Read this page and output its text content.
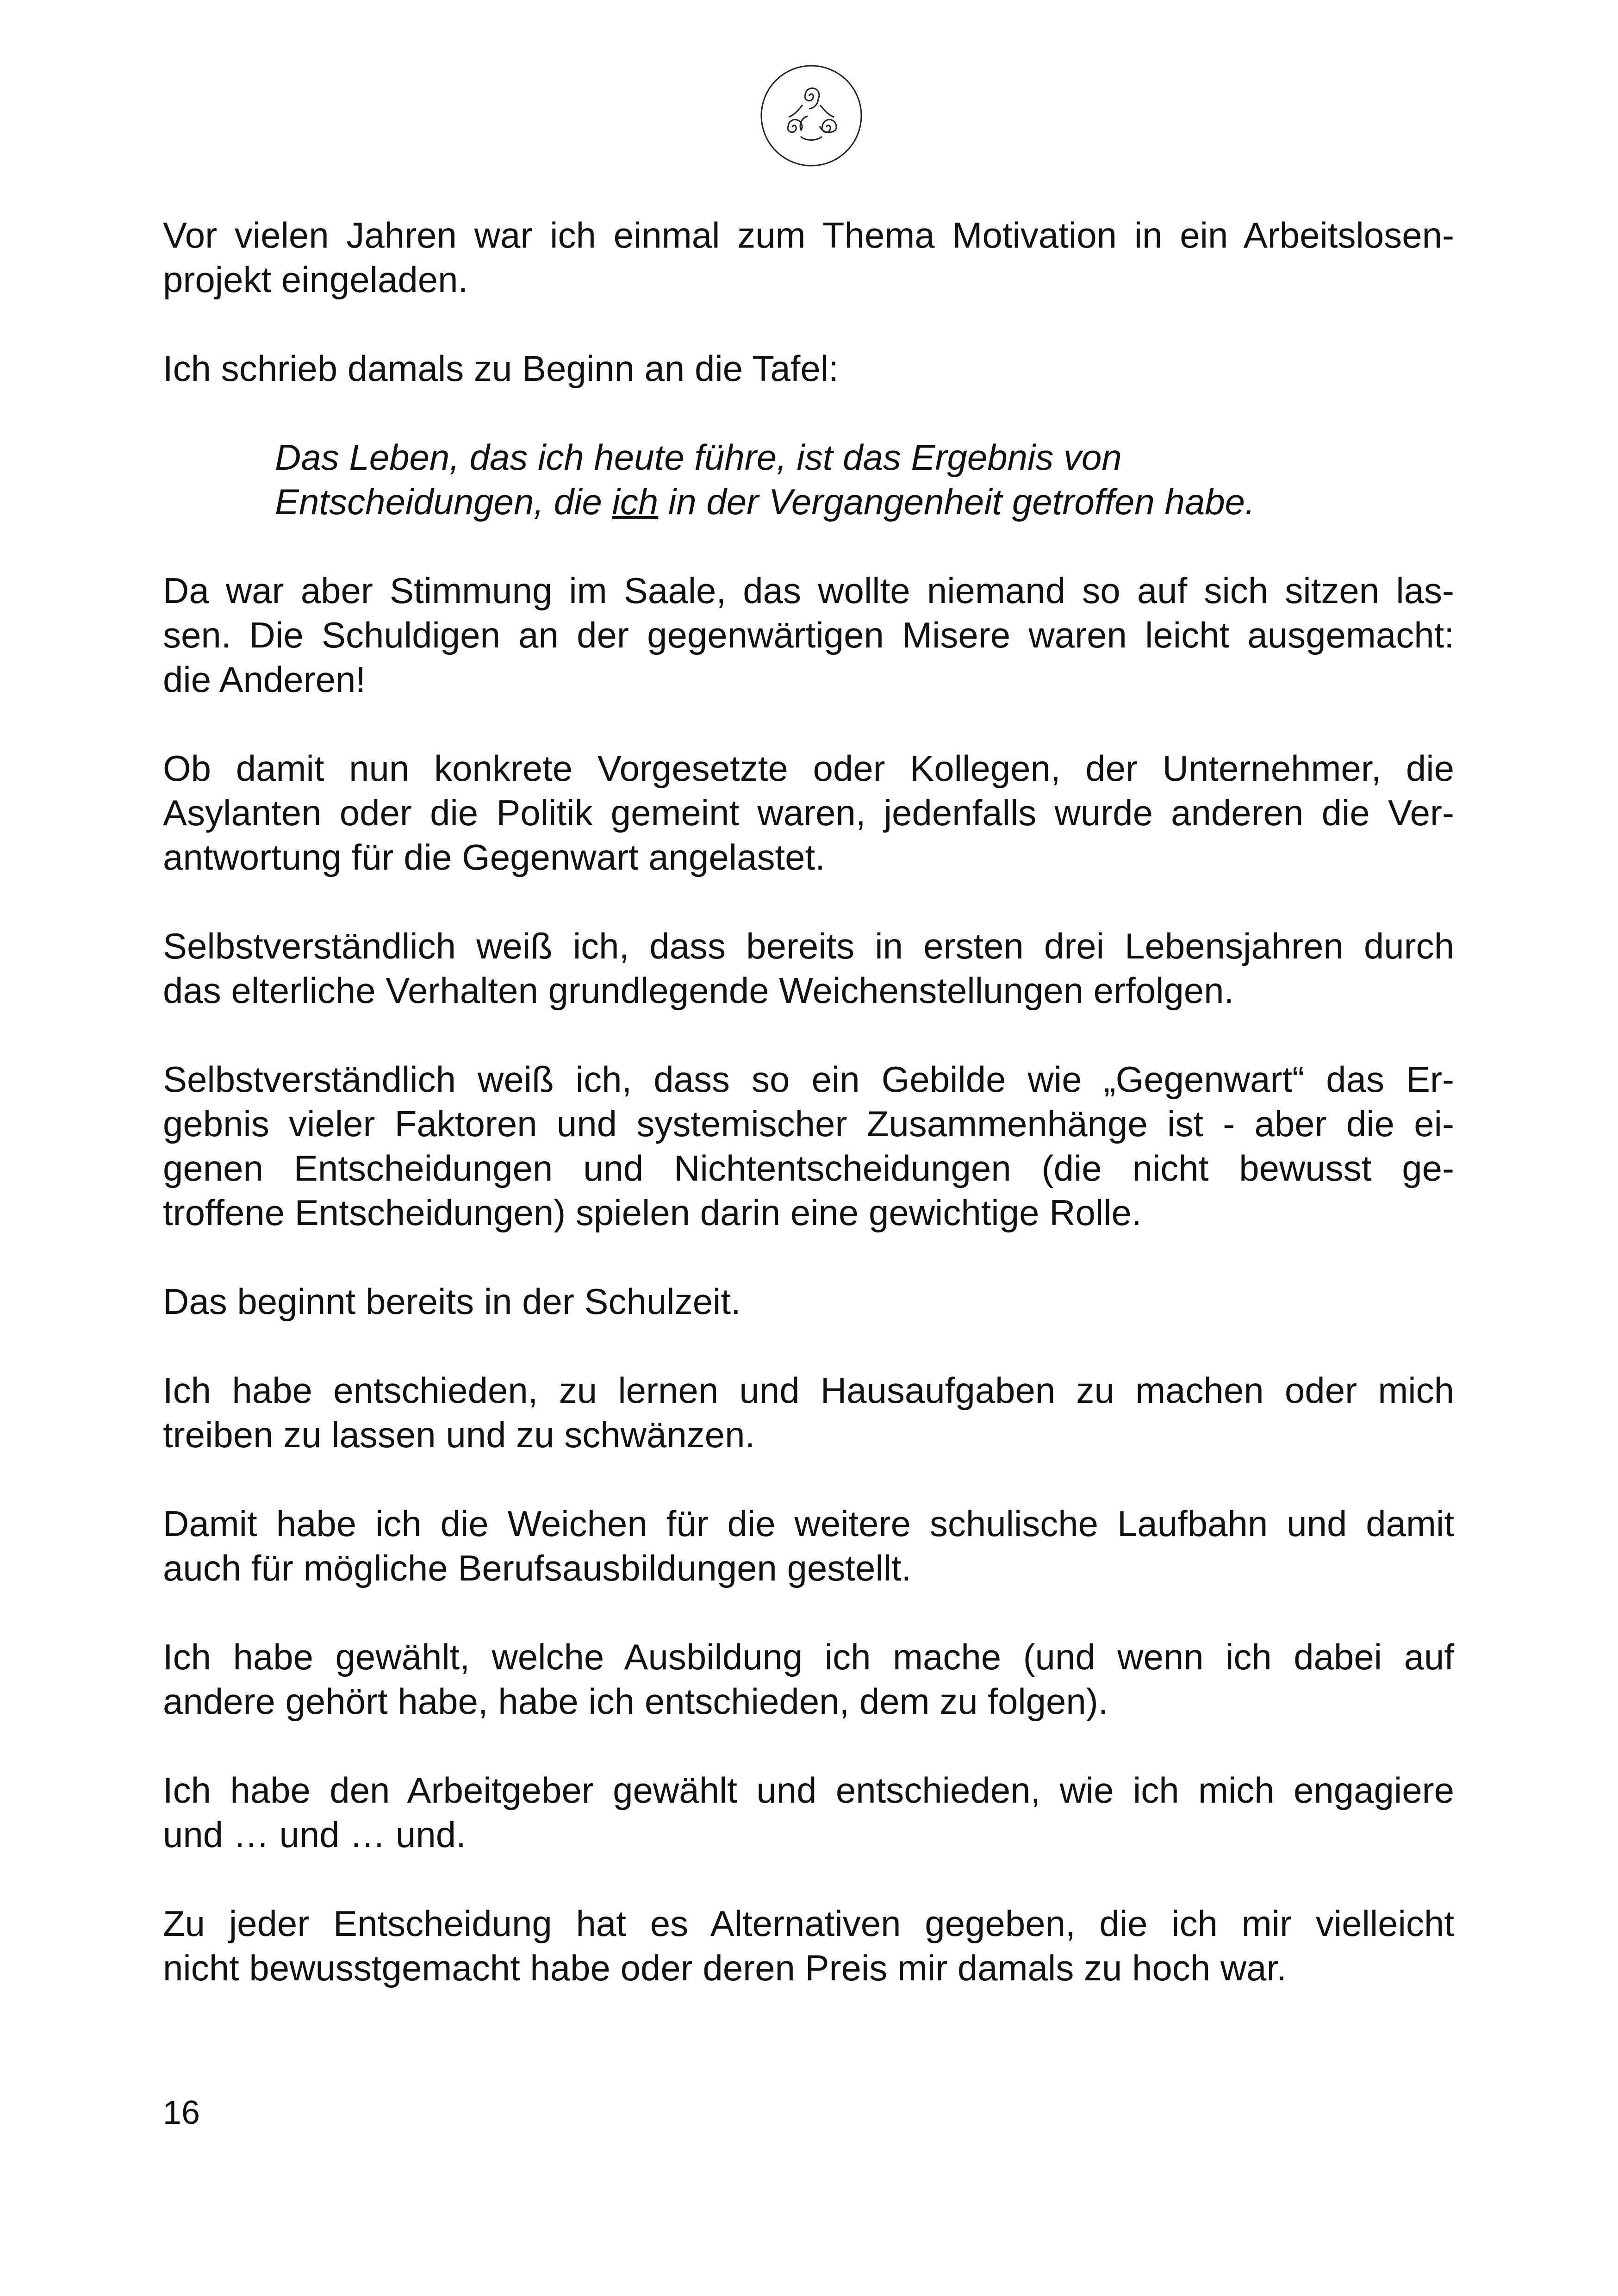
Vor vielen Jahren war ich einmal zum Thema Motivation in ein Arbeitslosen-
projekt eingeladen.

Ich schrieb damals zu Beginn an die Tafel:

Das Leben, das ich heute führe, ist das Ergebnis von
Entscheidungen, die ich in der Vergangenheit getroffen habe.

Da war aber Stimmung im Saale, das wollte niemand so auf sich sitzen las-
sen. Die Schuldigen an der gegenwärtigen Misere waren leicht ausgemacht:
die Anderen!

Ob damit nun konkrete Vorgesetzte oder Kollegen, der Unternehmer, die
Asylanten oder die Politik gemeint waren, jedenfalls wurde anderen die Ver-
antwortung für die Gegenwart angelastet.

Selbstverständlich weiß ich, dass bereits in ersten drei Lebensjahren durch
das elterliche Verhalten grundlegende Weichenstellungen erfolgen.

Selbstverständlich weiß ich, dass so ein Gebilde wie „Gegenwart“ das Er-
gebnis vieler Faktoren und systemischer Zusammenhänge ist - aber die ei-
genen Entscheidungen und Nichtentscheidungen (die nicht bewusst ge-
troffene Entscheidungen) spielen darin eine gewichtige Rolle.

Das beginnt bereits in der Schulzeit.

Ich habe entschieden, zu lernen und Hausaufgaben zu machen oder mich
treiben zu lassen und zu schwänzen.

Damit habe ich die Weichen für die weitere schulische Laufbahn und damit
auch für mögliche Berufsausbildungen gestellt.

Ich habe gewählt, welche Ausbildung ich mache (und wenn ich dabei auf
andere gehört habe, habe ich entschieden, dem zu folgen).

Ich habe den Arbeitgeber gewählt und entschieden, wie ich mich engagiere
und … und … und.

Zu jeder Entscheidung hat es Alternativen gegeben, die ich mir vielleicht
nicht bewusstgemacht habe oder deren Preis mir damals zu hoch war.

16
